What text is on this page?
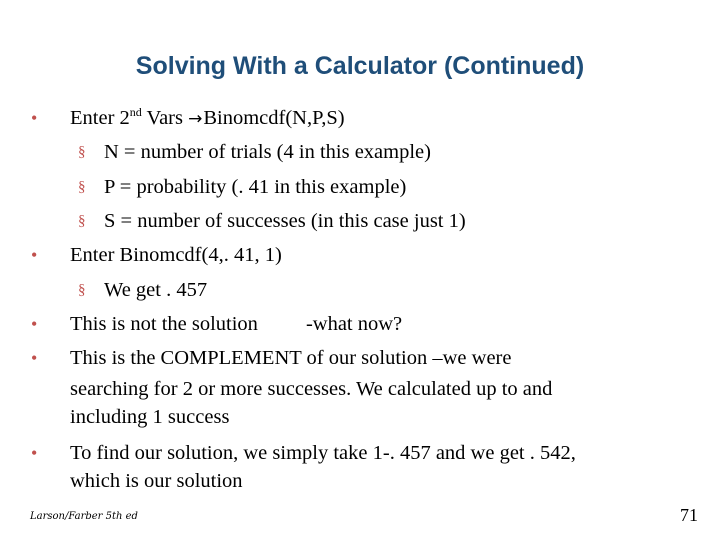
Solving With a Calculator (Continued)
• Enter 2nd Vars →Binomcdf(N,P,S)
§ N = number of trials (4 in this example)
§ P = probability (. 41 in this example)
§ S = number of successes (in this case just 1)
• Enter Binomcdf(4,. 41, 1)
§ We get . 457
• This is not the solution -what now?
• This is the COMPLEMENT of our solution –we were
searching for 2 or more successes. We calculated up to and
including 1 success
• To find our solution, we simply take 1-. 457 and we get . 542,
which is our solution
Larson/Farber 5th ed	71
